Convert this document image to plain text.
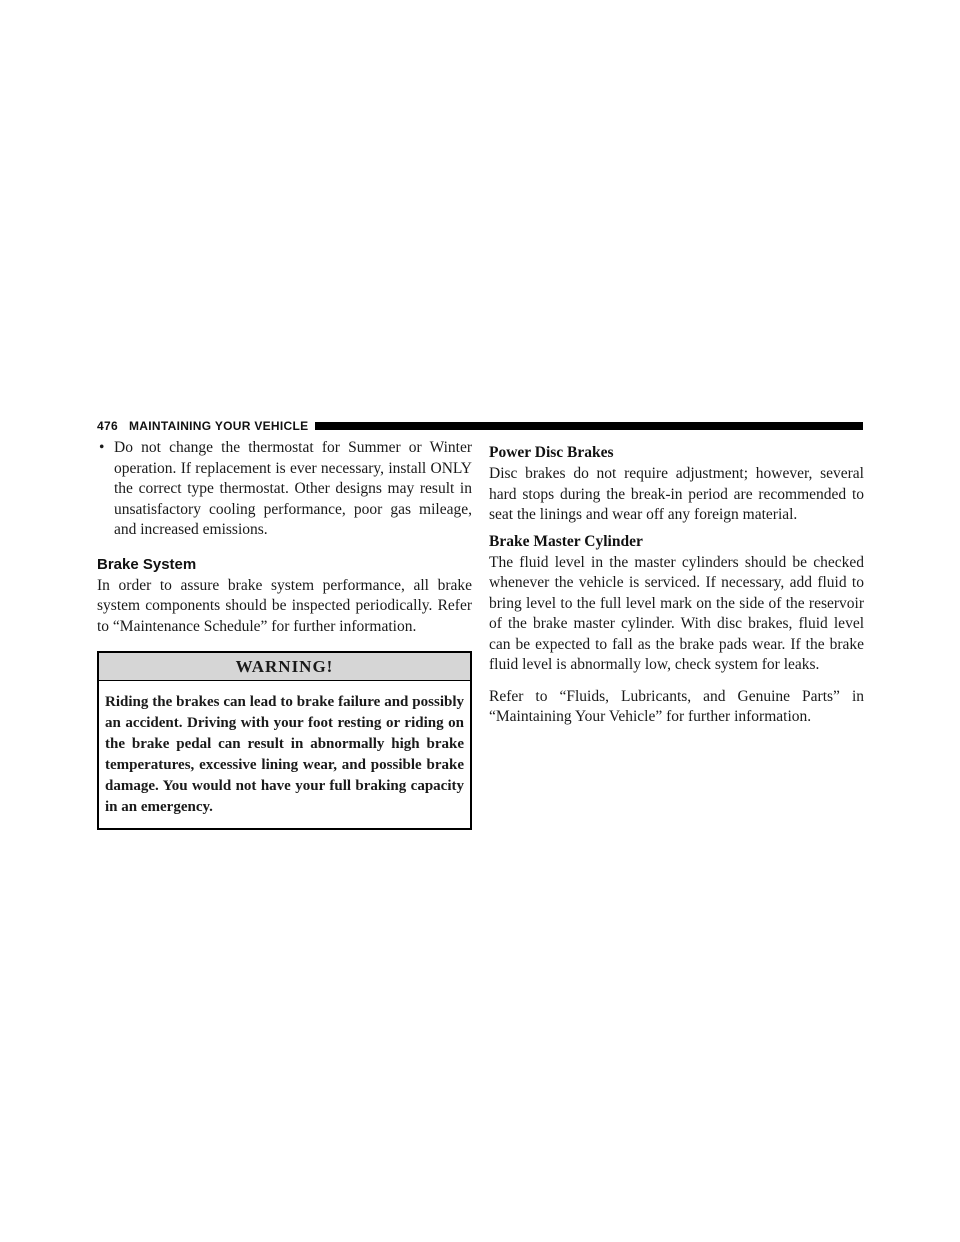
476 MAINTAINING YOUR VEHICLE
• Do not change the thermostat for Summer or Winter operation. If replacement is ever necessary, install ONLY the correct type thermostat. Other designs may result in unsatisfactory cooling performance, poor gas mileage, and increased emissions.
Brake System

In order to assure brake system performance, all brake system components should be inspected periodically. Refer to “Maintenance Schedule” for further information.

WARNING!
Riding the brakes can lead to brake failure and possibly an accident. Driving with your foot resting or riding on the brake pedal can result in abnormally high brake temperatures, excessive lining wear, and possible brake damage. You would not have your full braking capacity in an emergency.
Power Disc Brakes

Disc brakes do not require adjustment; however, several hard stops during the break-in period are recommended to seat the linings and wear off any foreign material.

Brake Master Cylinder

The fluid level in the master cylinders should be checked whenever the vehicle is serviced. If necessary, add fluid to bring level to the full level mark on the side of the reservoir of the brake master cylinder. With disc brakes, fluid level can be expected to fall as the brake pads wear. If the brake fluid level is abnormally low, check system for leaks.

Refer to “Fluids, Lubricants, and Genuine Parts” in “Maintaining Your Vehicle” for further information.
